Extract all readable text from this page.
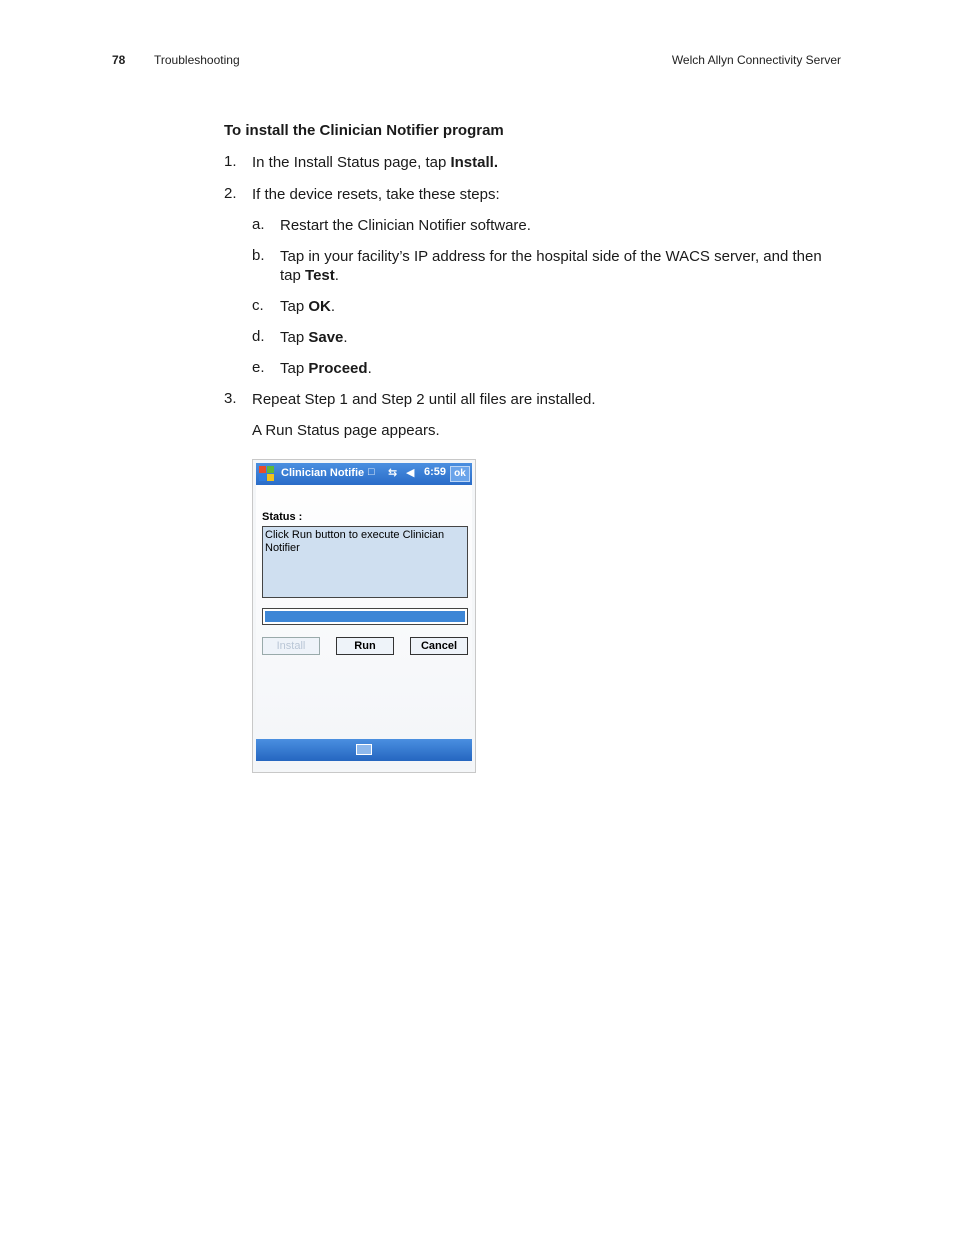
78 Troubleshooting	Welch Allyn Connectivity Server
To install the Clinician Notifier program
1. In the Install Status page, tap Install.
2. If the device resets, take these steps:
a. Restart the Clinician Notifier software.
b. Tap in your facility’s IP address for the hospital side of the WACS server, and then
tap Test.
c. Tap OK.
d. Tap Save.
e. Tap Proceed.
3. Repeat Step 1 and Step 2 until all files are installed.
A Run Status page appears.
Clinician Notifie □ ⇆ ◀ 6:59 ok
Status :
Click Run button to execute Clinician Notifier
Install	Run	Cancel
